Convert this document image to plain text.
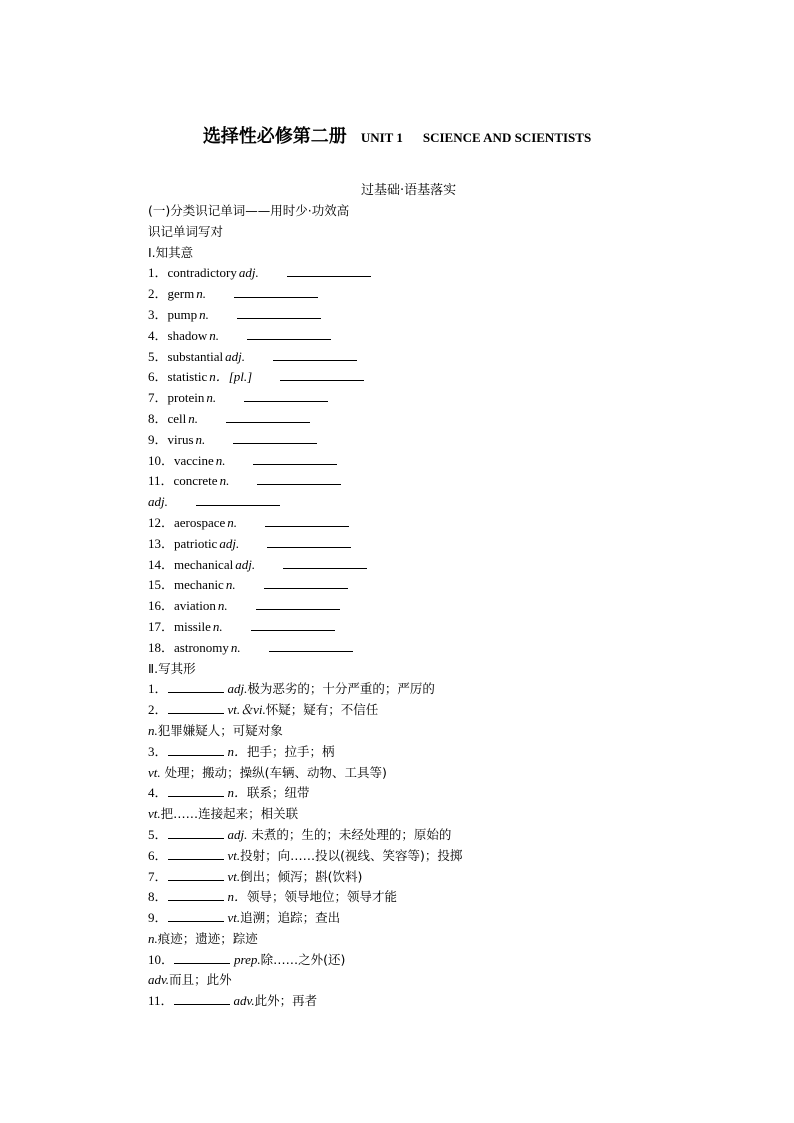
选择性必修第二册 UNIT 1 SCIENCE AND SCIENTISTS
过基础·语基落实
(一)分类识记单词——用时少·功效高
识记单词写对
Ⅰ.知其意
1．contradictory adj.
2．germ n.
3．pump n.
4．shadow n.
5．substantial adj.
6．statistic n．[pl.]
7．protein n.
8．cell n.
9．virus n.
10．vaccine n.
11．concrete n.
adj.
12．aerospace n.
13．patriotic adj.
14．mechanical adj.
15．mechanic n.
16．aviation n.
17．missile n.
18．astronomy n.
Ⅱ.写其形
1．	adj.极为恶劣的；十分严重的；严厉的
2．	vt.＆vi.怀疑；疑有；不信任
n.犯罪嫌疑人；可疑对象
3．	n．把手；拉手；柄
vt. 处理；搬动；操纵(车辆、动物、工具等)
4．	n．联系；纽带
vt.把……连接起来；相关联
5．	adj. 未煮的；生的；未经处理的；原始的
6．	vt.投射；向……投以(视线、笑容等)；投掷
7．	vt.倒出；倾泻；斟(饮料)
8．	n．领导；领导地位；领导才能
9．	vt.追溯；追踪；查出
n.痕迹；遗迹；踪迹
10．	prep.除……之外(还)
adv.而且；此外
11．	adv.此外；再者
